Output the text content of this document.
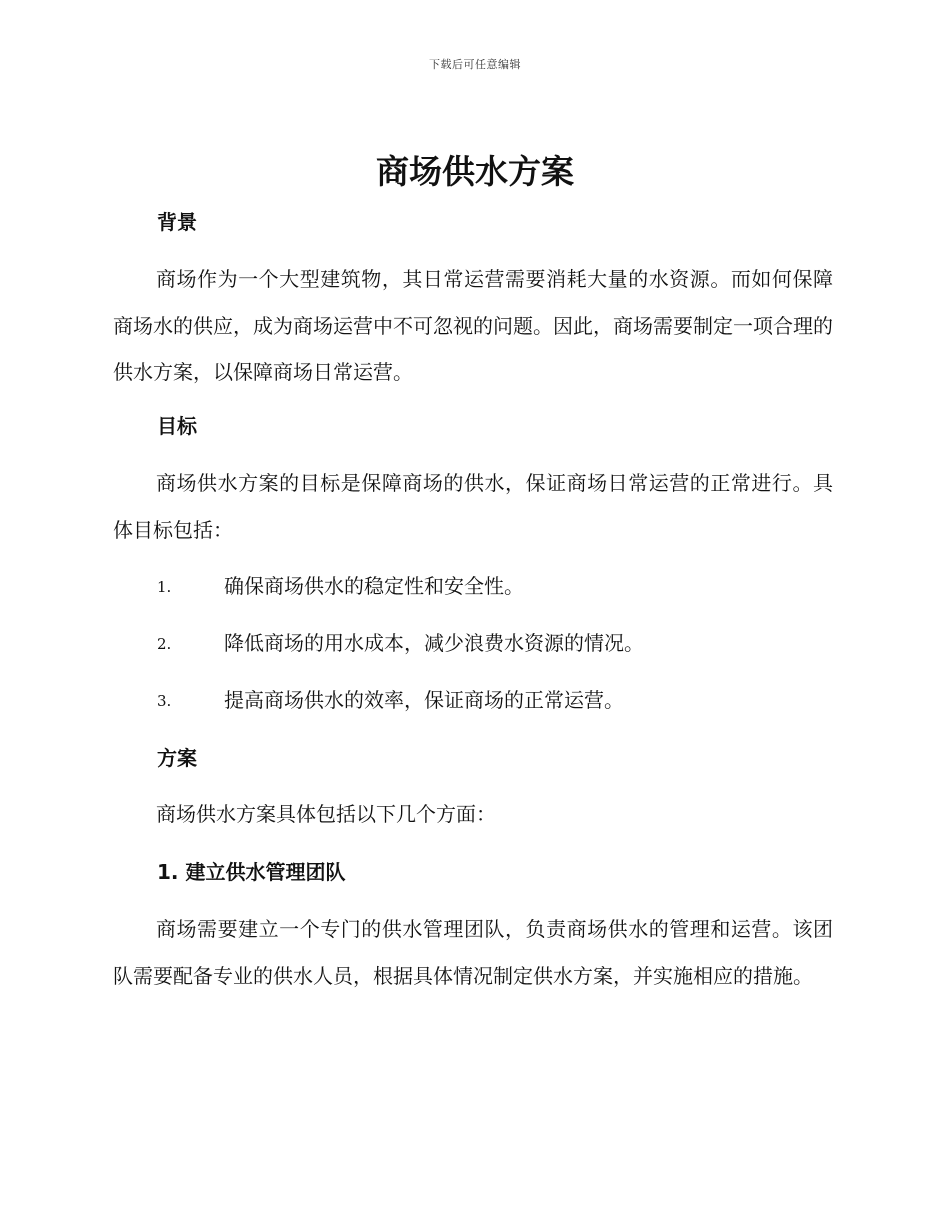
下载后可任意编辑
商场供水方案
背景

商场作为一个大型建筑物，其日常运营需要消耗大量的水资源。而如何保障商场水的供应，成为商场运营中不可忽视的问题。因此，商场需要制定一项合理的供水方案，以保障商场日常运营。

目标

商场供水方案的目标是保障商场的供水，保证商场日常运营的正常进行。具体目标包括：

1.	确保商场供水的稳定性和安全性。
2.	降低商场的用水成本，减少浪费水资源的情况。
3.	提高商场供水的效率，保证商场的正常运营。
方案

商场供水方案具体包括以下几个方面：

1. 建立供水管理团队

商场需要建立一个专门的供水管理团队，负责商场供水的管理和运营。该团队需要配备专业的供水人员，根据具体情况制定供水方案，并实施相应的措施。
